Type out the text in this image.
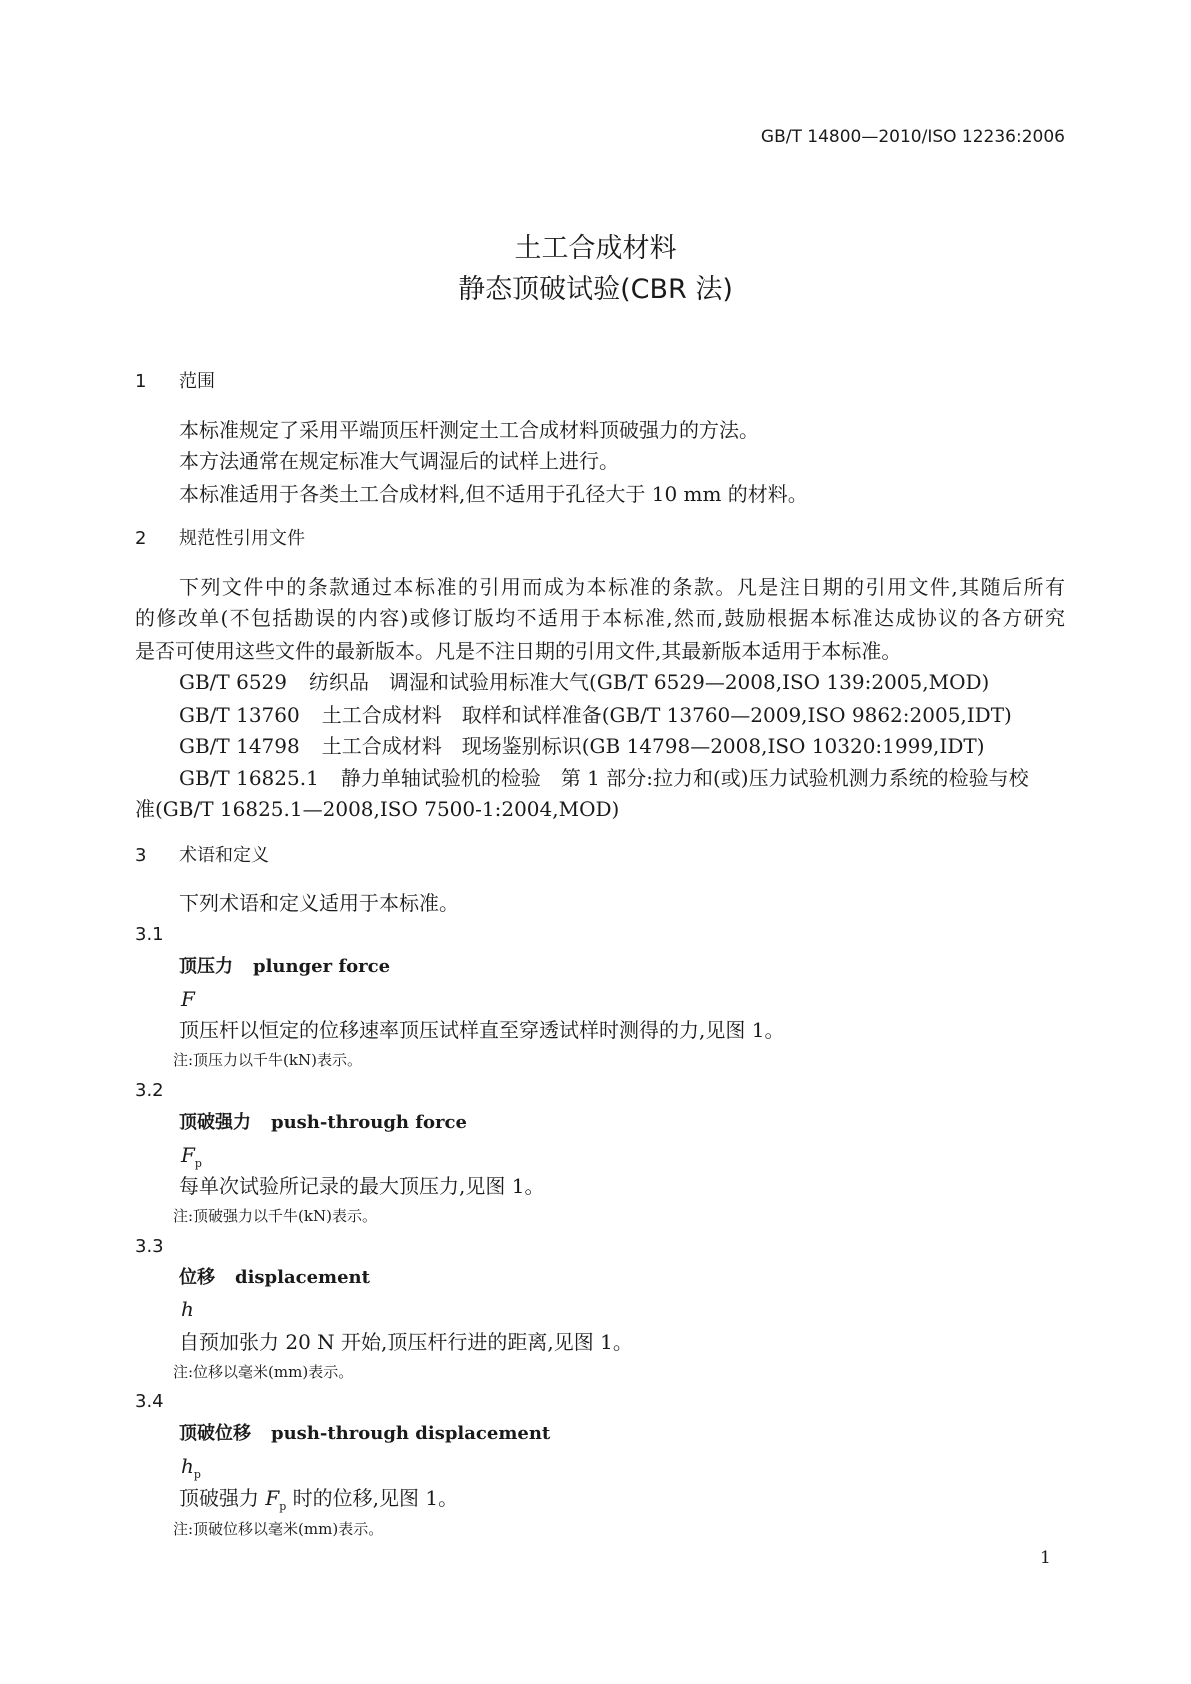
GB/T 14800—2010/ISO 12236:2006
土工合成材料
静态顶破试验(CBR 法)
1 范围
本标准规定了采用平端顶压杆测定土工合成材料顶破强力的方法。
本方法通常在规定标准大气调湿后的试样上进行。
本标准适用于各类土工合成材料,但不适用于孔径大于 10 mm 的材料。
2 规范性引用文件
下列文件中的条款通过本标准的引用而成为本标准的条款。凡是注日期的引用文件,其随后所有
的修改单(不包括勘误的内容)或修订版均不适用于本标准,然而,鼓励根据本标准达成协议的各方研究
是否可使用这些文件的最新版本。凡是不注日期的引用文件,其最新版本适用于本标准。
GB/T 6529 纺织品　调湿和试验用标准大气(GB/T 6529—2008,ISO 139:2005,MOD)
GB/T 13760 土工合成材料　取样和试样准备(GB/T 13760—2009,ISO 9862:2005,IDT)
GB/T 14798 土工合成材料　现场鉴别标识(GB 14798—2008,ISO 10320:1999,IDT)
GB/T 16825.1 静力单轴试验机的检验　第 1 部分:拉力和(或)压力试验机测力系统的检验与校
准(GB/T 16825.1—2008,ISO 7500-1:2004,MOD)
3 术语和定义
下列术语和定义适用于本标准。
3.1
顶压力 plunger force
F
顶压杆以恒定的位移速率顶压试样直至穿透试样时测得的力,见图 1。
注:顶压力以千牛(kN)表示。
3.2
顶破强力 push-through force
$F_p$
每单次试验所记录的最大顶压力,见图 1。
注:顶破强力以千牛(kN)表示。
3.3
位移 displacement
h
自预加张力 20 N 开始,顶压杆行进的距离,见图 1。
注:位移以毫米(mm)表示。
3.4
顶破位移 push-through displacement
$h_p$
顶破强力 $F_p$ 时的位移,见图 1。
注:顶破位移以毫米(mm)表示。
1
